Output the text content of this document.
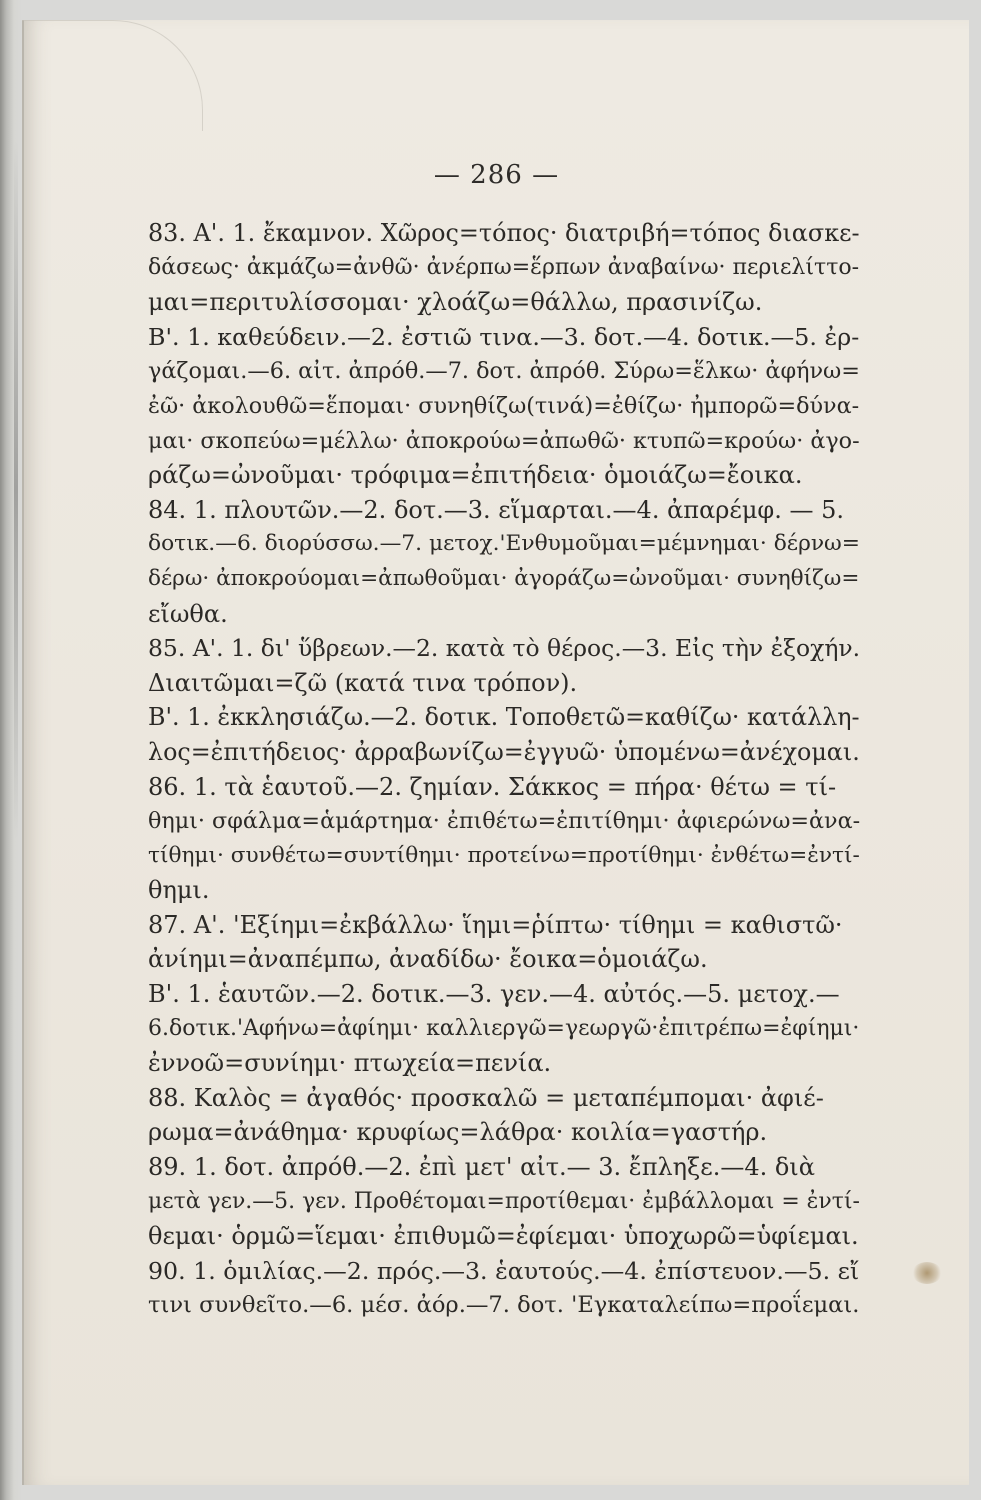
— 286 —
83. Α'. 1. ἔκαμνον. Χῶρος=τόπος· διατριβή=τόπος διασκε-
δάσεως· ἀκμάζω=ἀνθῶ· ἀνέρπω=ἕρπων ἀναβαίνω· περιελίττο-
μαι=περιτυλίσσομαι· χλοάζω=θάλλω, πρασινίζω.
Β'. 1. καθεύδειν.—2. ἐστιῶ τινα.—3. δοτ.—4. δοτικ.—5. ἐρ-
γάζομαι.—6. αἰτ. ἀπρόθ.—7. δοτ. ἀπρόθ. Σύρω=ἕλκω· ἀφήνω=
ἐῶ· ἀκολουθῶ=ἕπομαι· συνηθίζω(τινά)=ἐθίζω· ἠμπορῶ=δύνα-
μαι· σκοπεύω=μέλλω· ἀποκρούω=ἀπωθῶ· κτυπῶ=κρούω· ἀγο-
ράζω=ὠνοῦμαι· τρόφιμα=ἐπιτήδεια· ὁμοιάζω=ἔοικα.
84. 1. πλουτῶν.—2. δοτ.—3. εἵμαρται.—4. ἀπαρέμφ. — 5.
δοτικ.—6. διορύσσω.—7. μετοχ.'Ενθυμοῦμαι=μέμνημαι· δέρνω=
δέρω· ἀποκρούομαι=ἀπωθοῦμαι· ἀγοράζω=ὠνοῦμαι· συνηθίζω=
εἴωθα.
85. Α'. 1. δι' ὕβρεων.—2. κατὰ τὸ θέρος.—3. Εἰς τὴν ἐξοχήν.
Διαιτῶμαι=ζῶ (κατά τινα τρόπον).
Β'. 1. ἐκκλησιάζω.—2. δοτικ. Τοποθετῶ=καθίζω· κατάλλη-
λος=ἐπιτήδειος· ἀρραβωνίζω=ἐγγυῶ· ὑπομένω=ἀνέχομαι.
86. 1. τὰ ἑαυτοῦ.—2. ζημίαν. Σάκκος = πήρα· θέτω = τί-
θημι· σφάλμα=ἁμάρτημα· ἐπιθέτω=ἐπιτίθημι· ἀφιερώνω=ἀνα-
τίθημι· συνθέτω=συντίθημι· προτείνω=προτίθημι· ἐνθέτω=ἐντί-
θημι.
87. Α'. 'Εξίημι=ἐκβάλλω· ἵημι=ῥίπτω· τίθημι = καθιστῶ·
ἀνίημι=ἀναπέμπω, ἀναδίδω· ἔοικα=ὁμοιάζω.
Β'. 1. ἑαυτῶν.—2. δοτικ.—3. γεν.—4. αὐτός.—5. μετοχ.—
6.δοτικ.'Αφήνω=ἀφίημι· καλλιεργῶ=γεωργῶ·ἐπιτρέπω=ἐφίημι·
ἐννοῶ=συνίημι· πτωχεία=πενία.
88. Καλὸς = ἀγαθός· προσκαλῶ = μεταπέμπομαι· ἀφιέ-
ρωμα=ἀνάθημα· κρυφίως=λάθρα· κοιλία=γαστήρ.
89. 1. δοτ. ἀπρόθ.—2. ἐπὶ μετ' αἰτ.— 3. ἔπληξε.—4. διὰ
μετὰ γεν.—5. γεν. Προθέτομαι=προτίθεμαι· ἐμβάλλομαι = ἐντί-
θεμαι· ὁρμῶ=ἵεμαι· ἐπιθυμῶ=ἐφίεμαι· ὑποχωρῶ=ὑφίεμαι.
90. 1. ὁμιλίας.—2. πρός.—3. ἑαυτούς.—4. ἐπίστευον.—5. εἴ
τινι συνθεῖτο.—6. μέσ. ἀόρ.—7. δοτ. 'Εγκαταλείπω=προΐεμαι.
